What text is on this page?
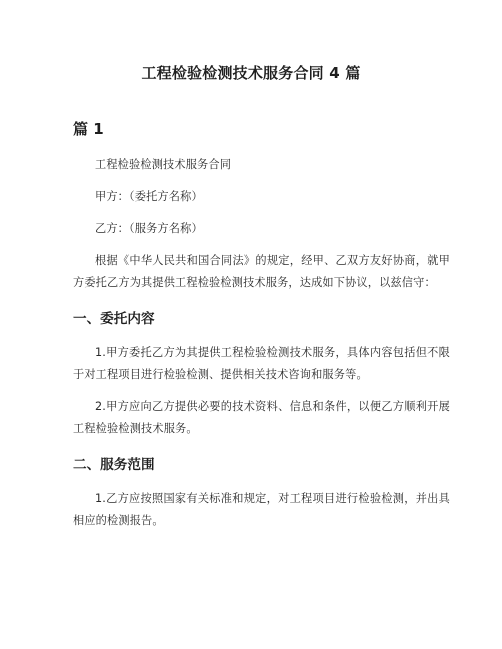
工程检验检测技术服务合同 4 篇
篇 1

工程检验检测技术服务合同

甲方：（委托方名称）

乙方：（服务方名称）

根据《中华人民共和国合同法》的规定，经甲、乙双方友好协商，就甲方委托乙方为其提供工程检验检测技术服务，达成如下协议，以兹信守：

一、委托内容

1.甲方委托乙方为其提供工程检验检测技术服务，具体内容包括但不限于对工程项目进行检验检测、提供相关技术咨询和服务等。

2.甲方应向乙方提供必要的技术资料、信息和条件，以便乙方顺利开展工程检验检测技术服务。

二、服务范围

1.乙方应按照国家有关标准和规定，对工程项目进行检验检测，并出具相应的检测报告。
